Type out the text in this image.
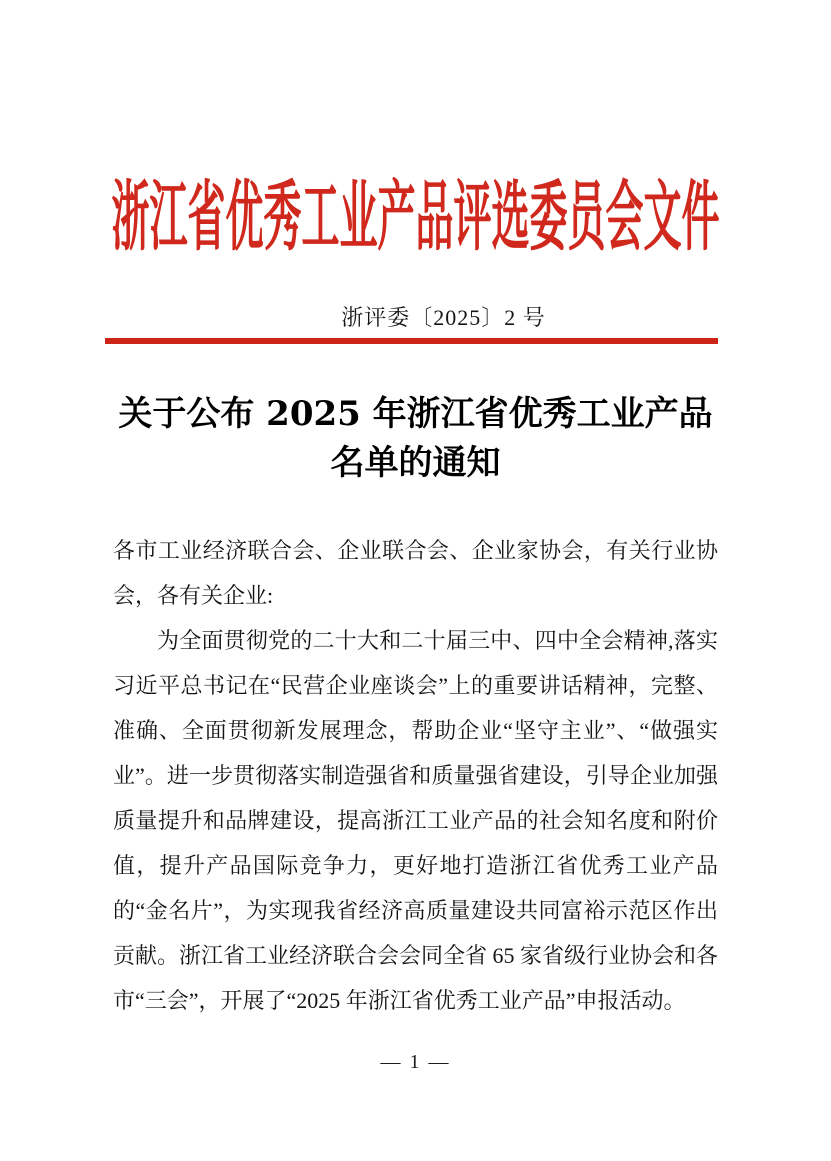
浙江省优秀工业产品评选委员会文件
浙评委〔2025〕2 号
关于公布 2025 年浙江省优秀工业产品
名单的通知

各市工业经济联合会、企业联合会、企业家协会，有关行业协会，各有关企业:

为全面贯彻党的二十大和二十届三中、四中全会精神,落实习近平总书记在“民营企业座谈会”上的重要讲话精神，完整、准确、全面贯彻新发展理念，帮助企业“坚守主业”、“做强实业”。进一步贯彻落实制造强省和质量强省建设，引导企业加强质量提升和品牌建设，提高浙江工业产品的社会知名度和附价值，提升产品国际竞争力，更好地打造浙江省优秀工业产品的“金名片”，为实现我省经济高质量建设共同富裕示范区作出贡献。浙江省工业经济联合会会同全省 65 家省级行业协会和各市“三会”，开展了“2025 年浙江省优秀工业产品”申报活动。

— 1 —
